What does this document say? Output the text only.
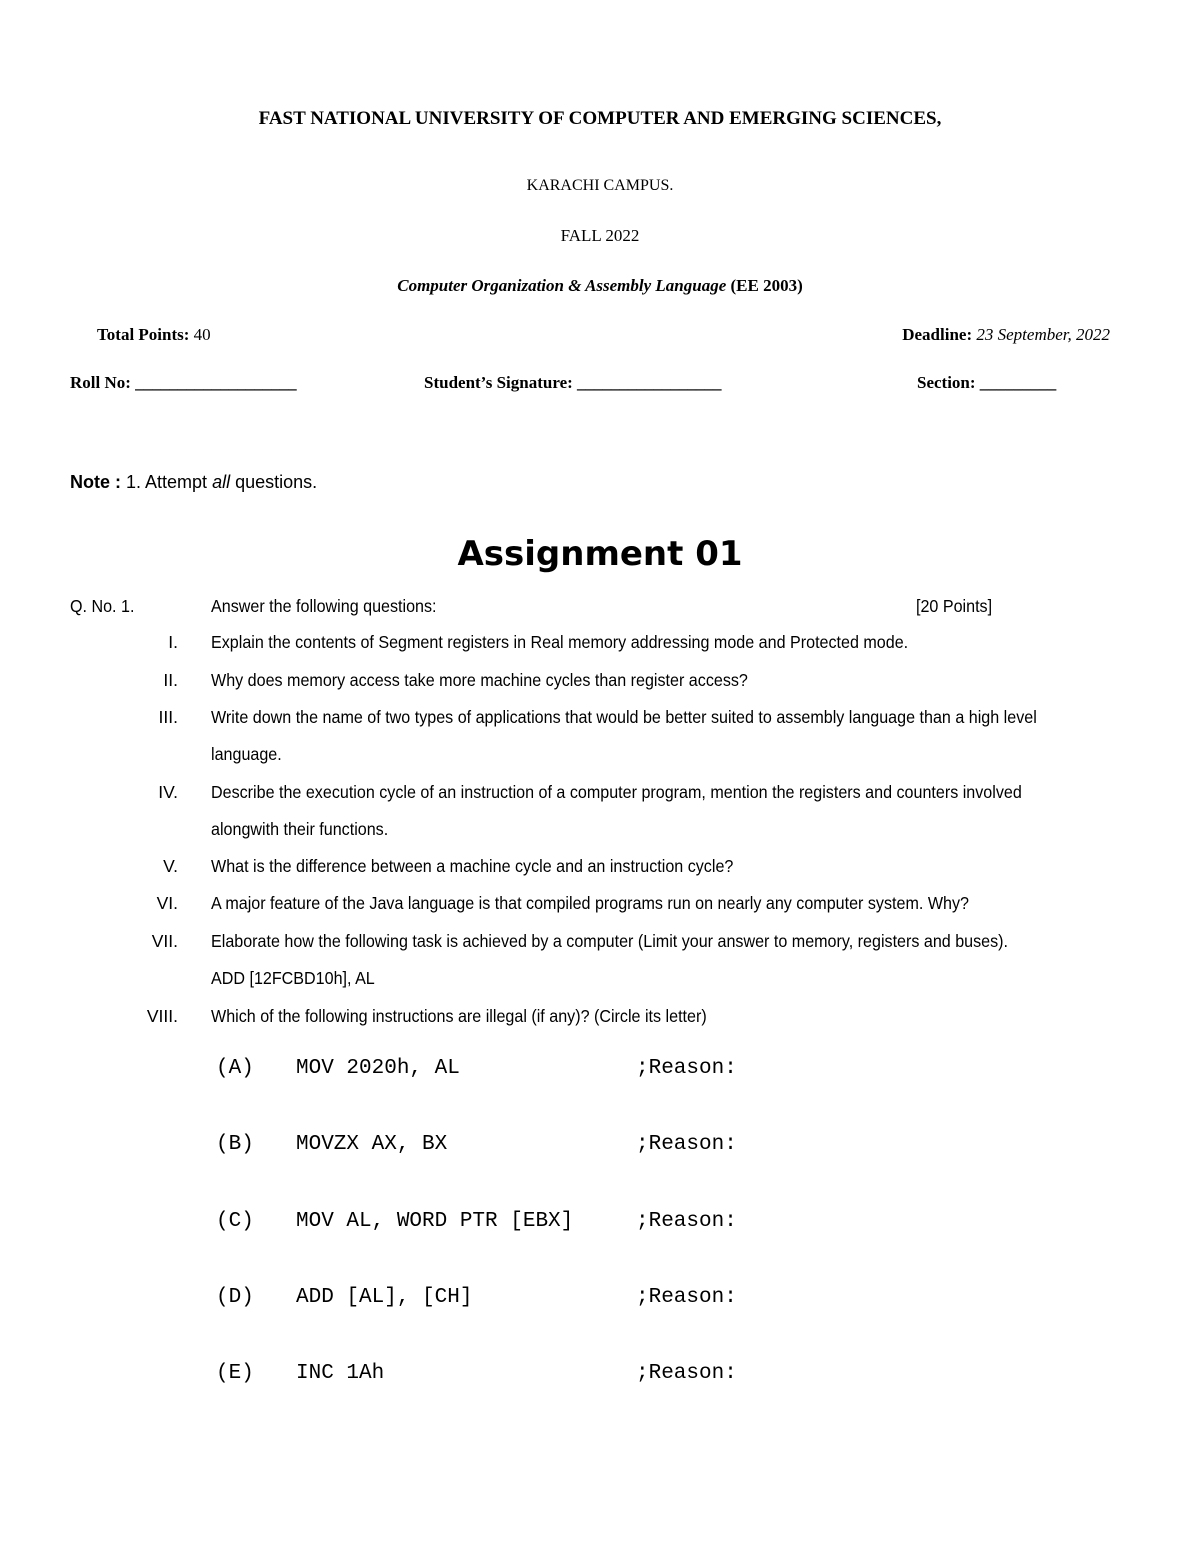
FAST NATIONAL UNIVERSITY OF COMPUTER AND EMERGING SCIENCES,
KARACHI CAMPUS.
FALL 2022
Computer Organization & Assembly Language (EE 2003)
Total Points: 40	Deadline: 23 September, 2022
Roll No: ___________________	Student’s Signature: _________________	Section: _________
Note : 1. Attempt all questions.
Assignment 01
Q. No. 1.	Answer the following questions:	[20 Points]
I. Explain the contents of Segment registers in Real memory addressing mode and Protected mode.
II. Why does memory access take more machine cycles than register access?
III. Write down the name of two types of applications that would be better suited to assembly language than a high level
language.
IV. Describe the execution cycle of an instruction of a computer program, mention the registers and counters involved
alongwith their functions.
V. What is the difference between a machine cycle and an instruction cycle?
VI. A major feature of the Java language is that compiled programs run on nearly any computer system. Why?
VII. Elaborate how the following task is achieved by a computer (Limit your answer to memory, registers and buses).
ADD [12FCBD10h], AL
VIII. Which of the following instructions are illegal (if any)? (Circle its letter)
(A) MOV 2020h, AL	;Reason:
(B) MOVZX AX, BX	;Reason:
(C) MOV AL, WORD PTR [EBX]	;Reason:
(D) ADD [AL], [CH]	;Reason:
(E) INC 1Ah	;Reason:
